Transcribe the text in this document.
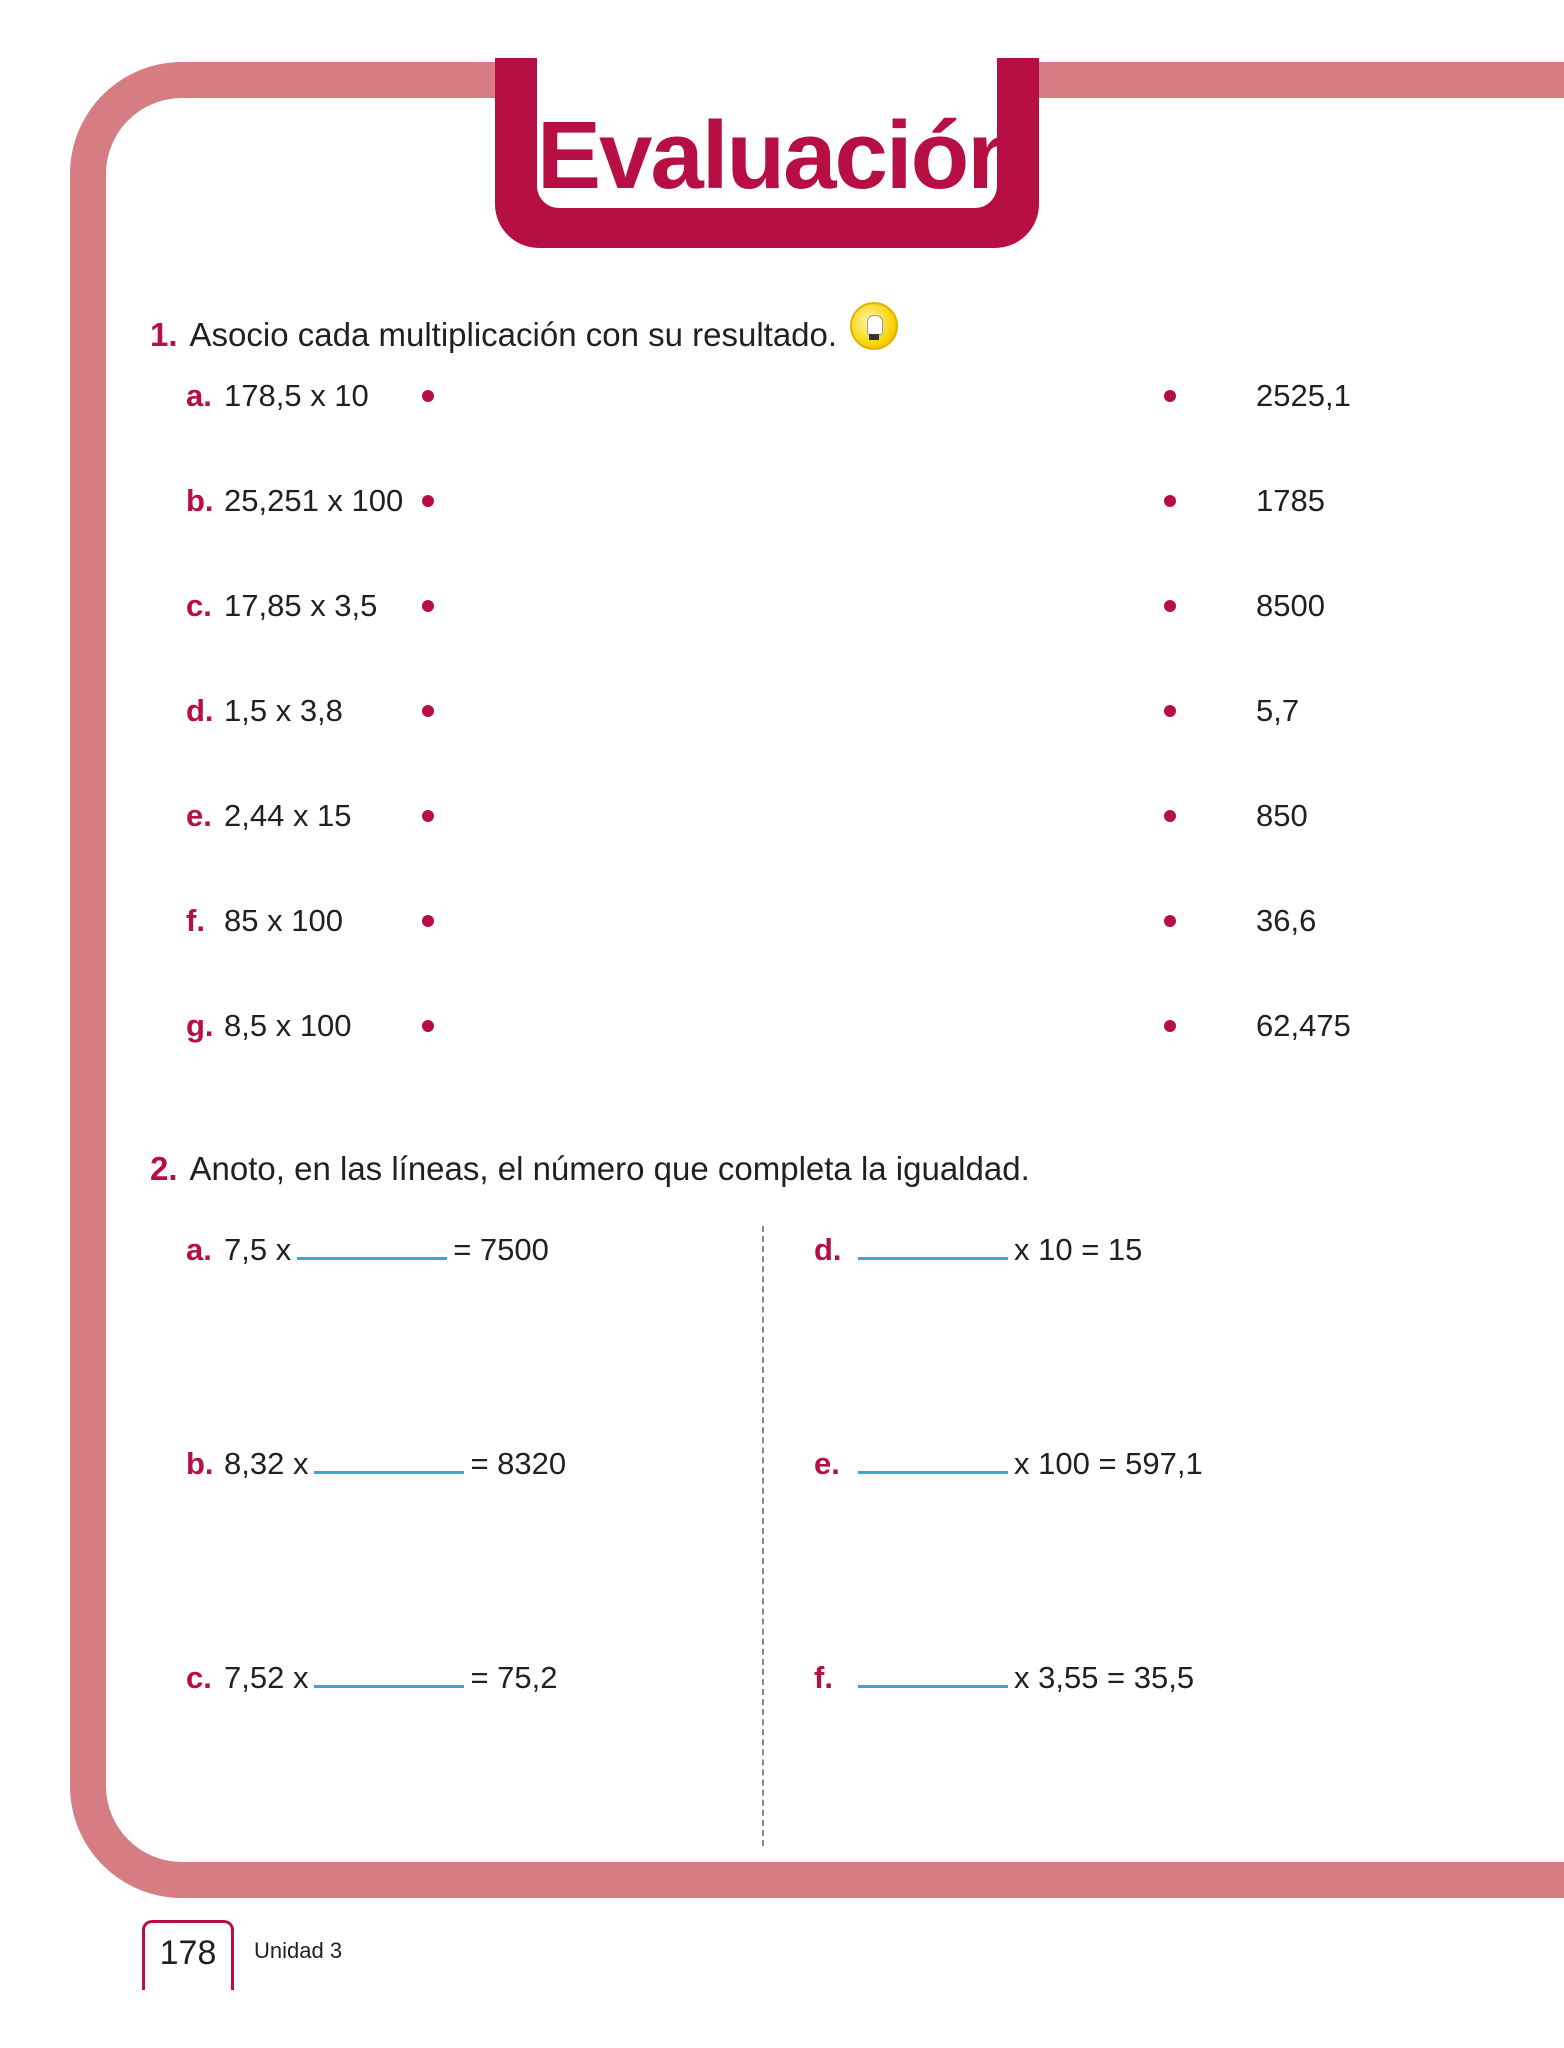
Evaluación
1. Asocio cada multiplicación con su resultado.
a. 178,5 x 10	2525,1
b. 25,251 x 100	1785
c. 17,85 x 3,5	8500
d. 1,5 x 3,8	5,7
e. 2,44 x 15	850
f. 85 x 100	36,6
g. 8,5 x 100	62,475
2. Anoto, en las líneas, el número que completa la igualdad.
a. 7,5 x	= 7500
b. 8,32 x	= 8320
c. 7,52 x	= 75,2
d.	x 10 = 15
e.	x 100 = 597,1
f.	x 3,55 = 35,5
178	Unidad 3
